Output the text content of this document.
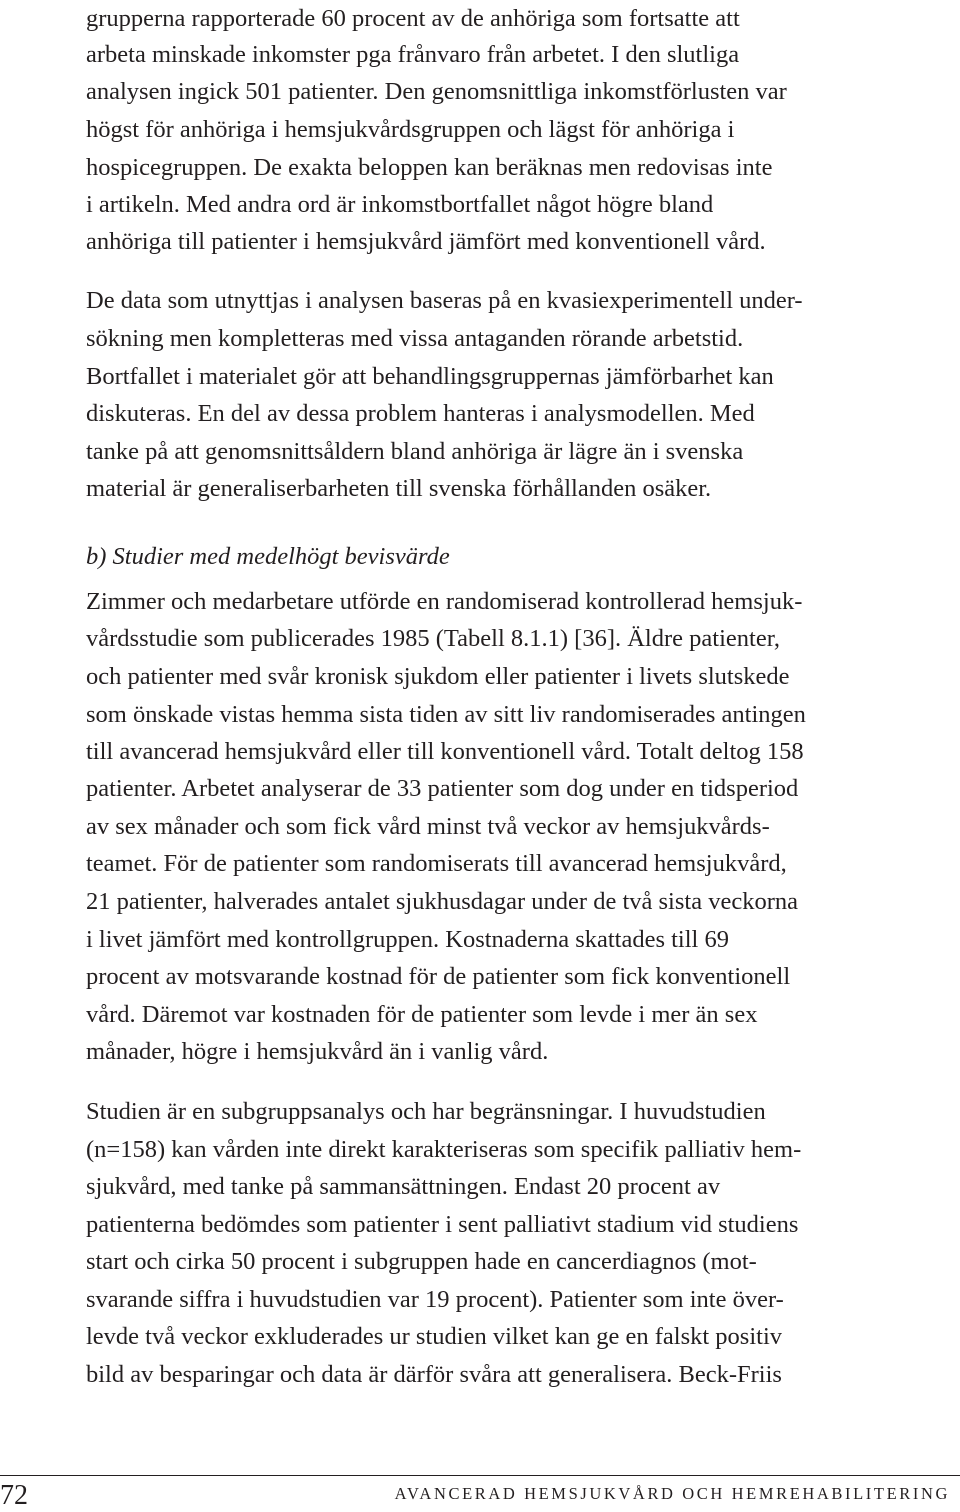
grupperna rapporterade 60 procent av de anhöriga som fortsatte att
arbeta minskade inkomster pga frånvaro från arbetet. I den slutliga
analysen ingick 501 patienter. Den genomsnittliga inkomstförlusten var
högst för anhöriga i hemsjukvårdsgruppen och lägst för anhöriga i
hospicegruppen. De exakta beloppen kan beräknas men redovisas inte
i artikeln. Med andra ord är inkomstbortfallet något högre bland
anhöriga till patienter i hemsjukvård jämfört med konventionell vård.
De data som utnyttjas i analysen baseras på en kvasiexperimentell under-
sökning men kompletteras med vissa antaganden rörande arbetstid.
Bortfallet i materialet gör att behandlingsgruppernas jämförbarhet kan
diskuteras. En del av dessa problem hanteras i analysmodellen. Med
tanke på att genomsnittsåldern bland anhöriga är lägre än i svenska
material är generaliserbarheten till svenska förhållanden osäker.
b) Studier med medelhögt bevisvärde
Zimmer och medarbetare utförde en randomiserad kontrollerad hemsjuk-
vårdsstudie som publicerades 1985 (Tabell 8.1.1) [36]. Äldre patienter,
och patienter med svår kronisk sjukdom eller patienter i livets slutskede
som önskade vistas hemma sista tiden av sitt liv randomiserades antingen
till avancerad hemsjukvård eller till konventionell vård. Totalt deltog 158
patienter. Arbetet analyserar de 33 patienter som dog under en tidsperiod
av sex månader och som fick vård minst två veckor av hemsjukvårds-
teamet. För de patienter som randomiserats till avancerad hemsjukvård,
21 patienter, halverades antalet sjukhusdagar under de två sista veckorna
i livet jämfört med kontrollgruppen. Kostnaderna skattades till 69
procent av motsvarande kostnad för de patienter som fick konventionell
vård. Däremot var kostnaden för de patienter som levde i mer än sex
månader, högre i hemsjukvård än i vanlig vård.
Studien är en subgruppsanalys och har begränsningar. I huvudstudien
(n=158) kan vården inte direkt karakteriseras som specifik palliativ hem-
sjukvård, med tanke på sammansättningen. Endast 20 procent av
patienterna bedömdes som patienter i sent palliativt stadium vid studiens
start och cirka 50 procent i subgruppen hade en cancerdiagnos (mot-
svarande siffra i huvudstudien var 19 procent). Patienter som inte över-
levde två veckor exkluderades ur studien vilket kan ge en falskt positiv
bild av besparingar och data är därför svåra att generalisera. Beck-Friis
72	AVANCERAD HEMSJUKVÅRD OCH HEMREHABILITERING
